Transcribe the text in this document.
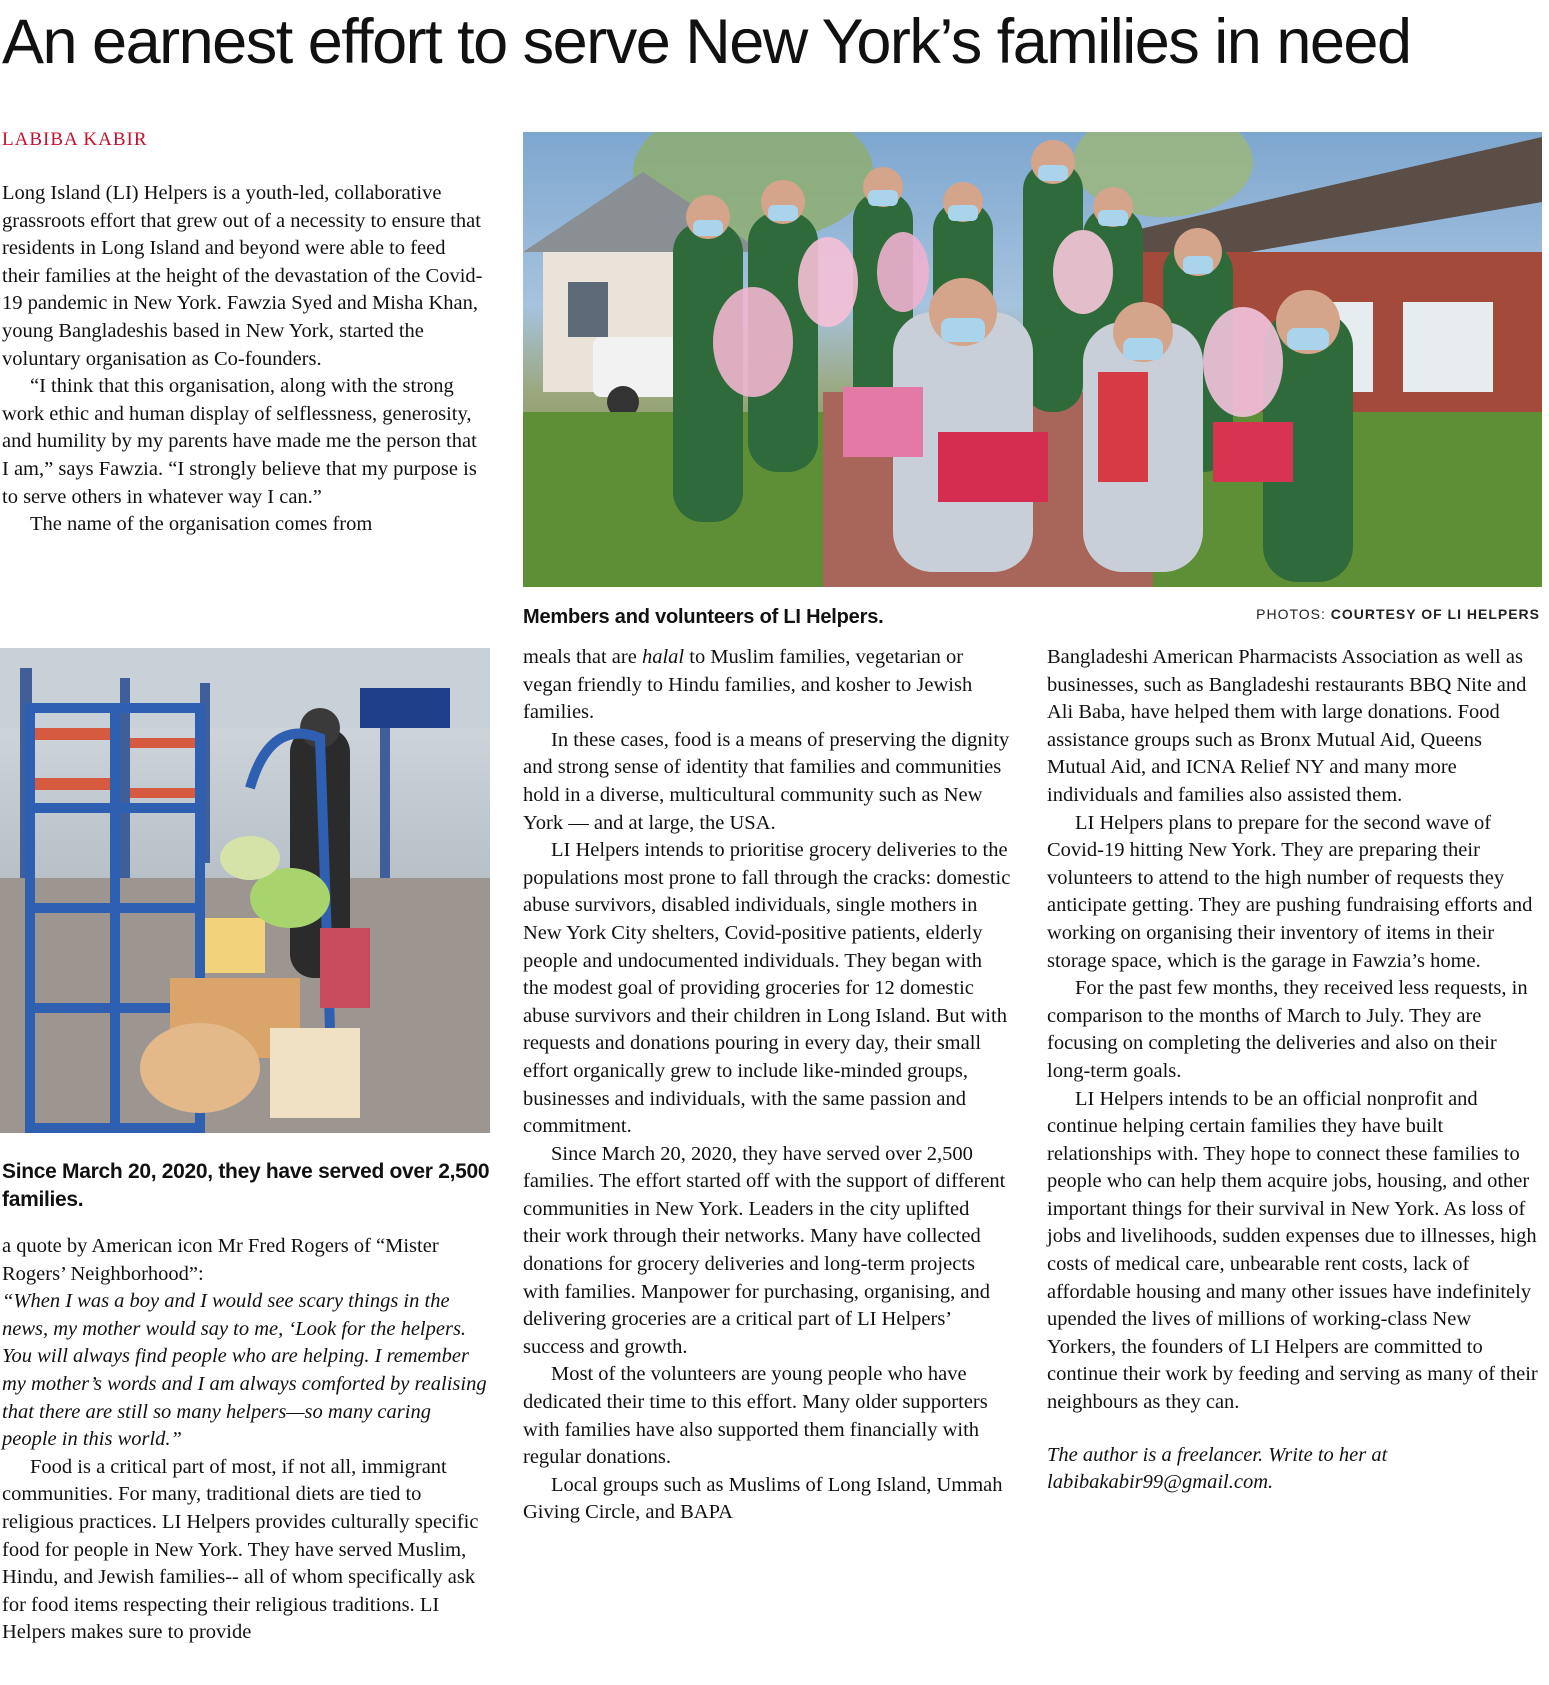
An earnest effort to serve New York’s families in need

LABIBA KABIR

Long Island (LI) Helpers is a youth-led, collaborative grassroots effort that grew out of a necessity to ensure that residents in Long Island and beyond were able to feed their families at the height of the devastation of the Covid-19 pandemic in New York. Fawzia Syed and Misha Khan, young Bangladeshis based in New York, started the voluntary organisation as Co-founders.

“I think that this organisation, along with the strong work ethic and human display of selflessness, generosity, and humility by my parents have made me the person that I am,” says Fawzia. “I strongly believe that my purpose is to serve others in whatever way I can.”

The name of the organisation comes from

Members and volunteers of LI Helpers.	PHOTOS: COURTESY OF LI HELPERS

Since March 20, 2020, they have served over 2,500 families.

a quote by American icon Mr Fred Rogers of “Mister Rogers’ Neighborhood”:

“When I was a boy and I would see scary things in the news, my mother would say to me, ‘Look for the helpers. You will always find people who are helping. I remember my mother’s words and I am always comforted by realising that there are still so many helpers—so many caring people in this world.”

Food is a critical part of most, if not all, immigrant communities. For many, traditional diets are tied to religious practices. LI Helpers provides culturally specific food for people in New York. They have served Muslim, Hindu, and Jewish families-- all of whom specifically ask for food items respecting their religious traditions. LI Helpers makes sure to provide

meals that are halal to Muslim families, vegetarian or vegan friendly to Hindu families, and kosher to Jewish families.

In these cases, food is a means of preserving the dignity and strong sense of identity that families and communities hold in a diverse, multicultural community such as New York — and at large, the USA.

LI Helpers intends to prioritise grocery deliveries to the populations most prone to fall through the cracks: domestic abuse survivors, disabled individuals, single mothers in New York City shelters, Covid-positive patients, elderly people and undocumented individuals. They began with the modest goal of providing groceries for 12 domestic abuse survivors and their children in Long Island. But with requests and donations pouring in every day, their small effort organically grew to include like-minded groups, businesses and individuals, with the same passion and commitment.

Since March 20, 2020, they have served over 2,500 families. The effort started off with the support of different communities in New York. Leaders in the city uplifted their work through their networks. Many have collected donations for grocery deliveries and long-term projects with families. Manpower for purchasing, organising, and delivering groceries are a critical part of LI Helpers’ success and growth.

Most of the volunteers are young people who have dedicated their time to this effort. Many older supporters with families have also supported them financially with regular donations.

Local groups such as Muslims of Long Island, Ummah Giving Circle, and BAPA

Bangladeshi American Pharmacists Association as well as businesses, such as Bangladeshi restaurants BBQ Nite and Ali Baba, have helped them with large donations. Food assistance groups such as Bronx Mutual Aid, Queens Mutual Aid, and ICNA Relief NY and many more individuals and families also assisted them.

LI Helpers plans to prepare for the second wave of Covid-19 hitting New York. They are preparing their volunteers to attend to the high number of requests they anticipate getting. They are pushing fundraising efforts and working on organising their inventory of items in their storage space, which is the garage in Fawzia’s home.

For the past few months, they received less requests, in comparison to the months of March to July. They are focusing on completing the deliveries and also on their long-term goals.

LI Helpers intends to be an official nonprofit and continue helping certain families they have built relationships with. They hope to connect these families to people who can help them acquire jobs, housing, and other important things for their survival in New York. As loss of jobs and livelihoods, sudden expenses due to illnesses, high costs of medical care, unbearable rent costs, lack of affordable housing and many other issues have indefinitely upended the lives of millions of working-class New Yorkers, the founders of LI Helpers are committed to continue their work by feeding and serving as many of their neighbours as they can.

The author is a freelancer. Write to her at labibakabir99@gmail.com.
